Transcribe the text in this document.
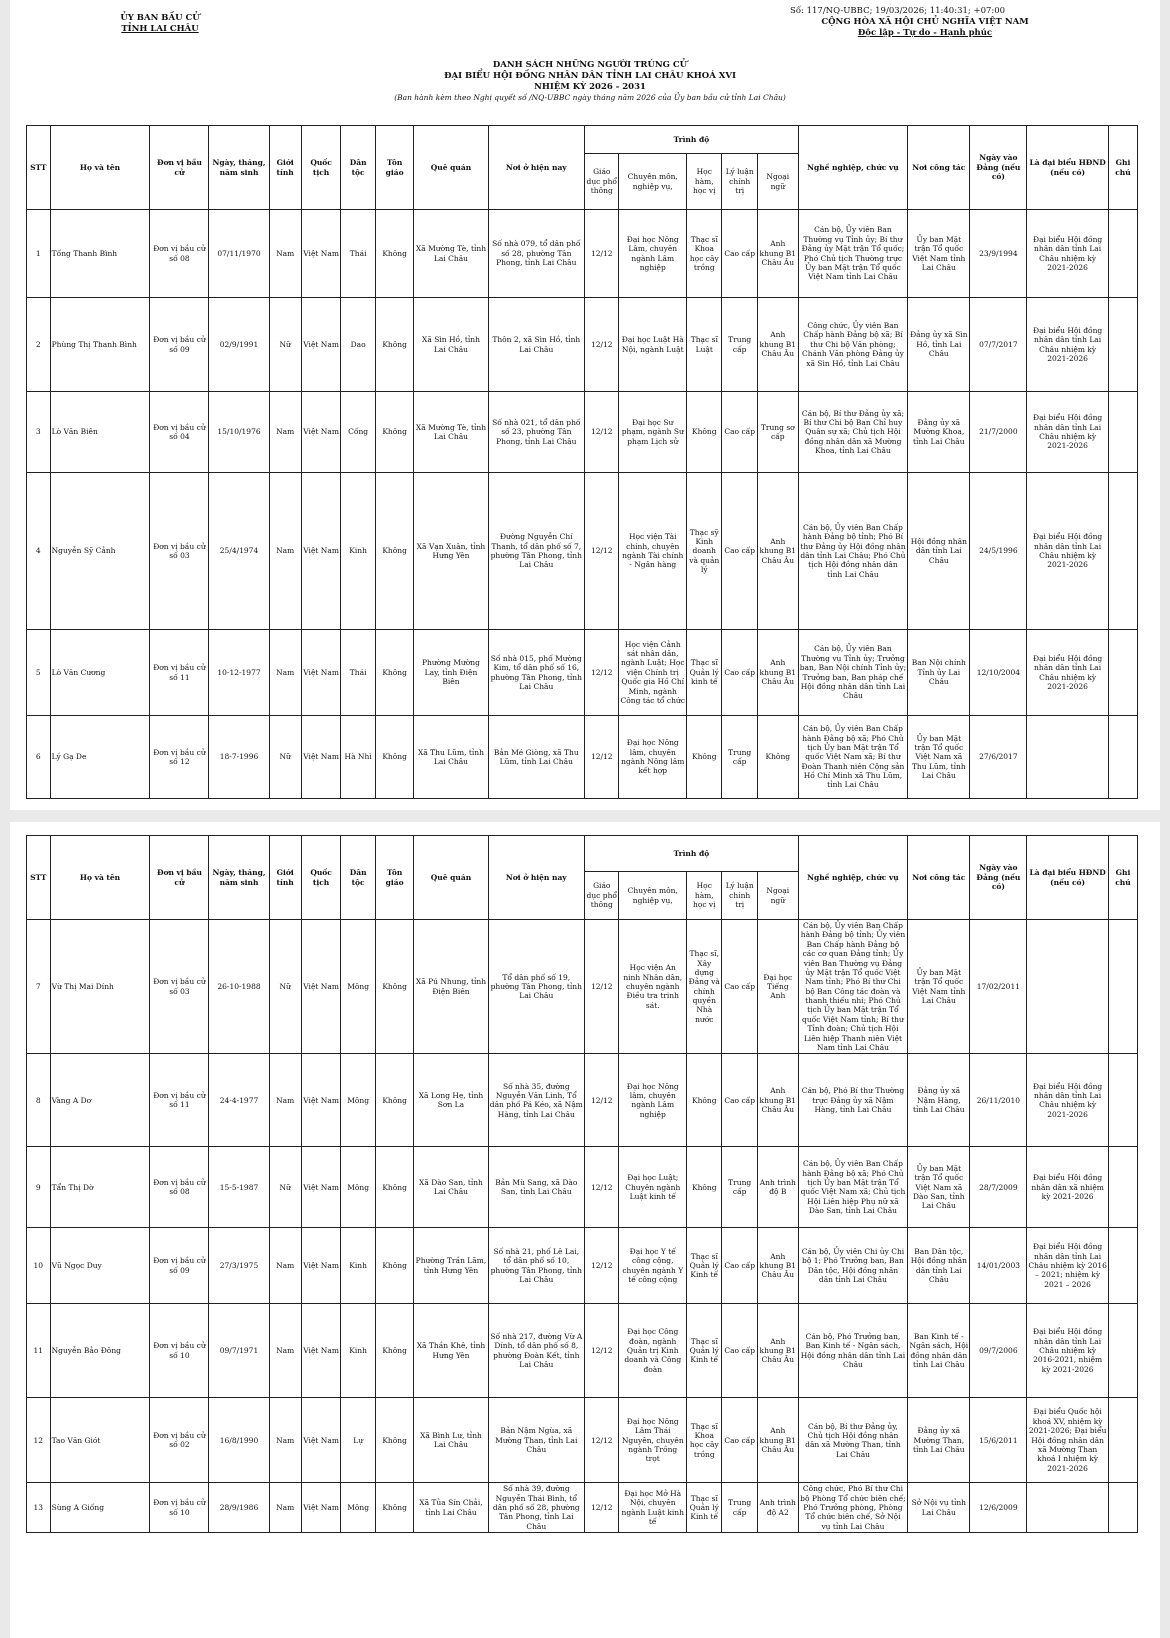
ỦY BAN BẦU CỬ
TỈNH LAI CHÂU
Số: 117/NQ-UBBC; 19/03/2026; 11:40:31; +07:00
CỘNG HÒA XÃ HỘI CHỦ NGHĨA VIỆT NAM
Độc lập - Tự do - Hạnh phúc
DANH SÁCH NHỮNG NGƯỜI TRÚNG CỬ
ĐẠI BIỂU HỘI ĐỒNG NHÂN DÂN TỈNH LAI CHÂU KHOÁ XVI
NHIỆM KỲ 2026 - 2031
(Ban hành kèm theo Nghị quyết số /NQ-UBBC ngày tháng năm 2026 của Ủy ban bầu cử tỉnh Lai Châu)
STT	Họ và tên	Đơn vị bầu cử	Ngày, tháng, năm sinh	Giới tính	Quốc tịch	Dân tộc	Tôn giáo	Quê quán	Nơi ở hiện nay	Trình độ					Nghề nghiệp, chức vụ	Nơi công tác	Ngày vào Đảng (nếu có)	Là đại biểu HĐND (nếu có)	Ghi chú
										Giáo dục phổ thông	Chuyên môn, nghiệp vụ,	Học hàm, học vị	Lý luận chính trị	Ngoại ngữ					
1	Tống Thanh Bình	Đơn vị bầu cử số 08	07/11/1970	Nam	Việt Nam	Thái	Không	Xã Mường Tè, tỉnh Lai Châu	Số nhà 079, tổ dân phố số 28, phường Tân Phong, tỉnh Lai Châu	12/12	Đại học Nông Lâm, chuyên ngành Lâm nghiệp	Thạc sĩ Khoa học cây trồng	Cao cấp	Anh khung B1 Châu Âu	Cán bộ, Ủy viên Ban Thường vụ Tỉnh ủy; Bí thư Đảng ủy Mặt trận Tổ quốc; Phó Chủ tịch Thường trực Ủy ban Mặt trận Tổ quốc Việt Nam tỉnh Lai Châu	Ủy ban Mặt trận Tổ quốc Việt Nam tỉnh Lai Châu	23/9/1994	Đại biểu Hội đồng nhân dân tỉnh Lai Châu nhiệm kỳ 2021-2026	
2	Phùng Thị Thanh Bình	Đơn vị bầu cử số 09	02/9/1991	Nữ	Việt Nam	Dao	Không	Xã Sìn Hồ, tỉnh Lai Châu	Thôn 2, xã Sìn Hồ, tỉnh Lai Châu	12/12	Đại học Luật Hà Nội, ngành Luật	Thạc sĩ Luật	Trung cấp	Anh khung B1 Châu Âu	Công chức, Ủy viên Ban Chấp hành Đảng bộ xã; Bí thư Chi bộ Văn phòng; Chánh Văn phòng Đảng ủy xã Sìn Hồ, tỉnh Lai Châu	Đảng ủy xã Sìn Hồ, tỉnh Lai Châu	07/7/2017	Đại biểu Hội đồng nhân dân tỉnh Lai Châu nhiệm kỳ 2021-2026	
3	Lò Văn Biên	Đơn vị bầu cử số 04	15/10/1976	Nam	Việt Nam	Cống	Không	Xã Mường Tè, tỉnh Lai Châu	Số nhà 021, tổ dân phố số 23, phường Tân Phong, tỉnh Lai Châu	12/12	Đại học Sư phạm, ngành Sư phạm Lịch sử	Không	Cao cấp	Trung sơ cấp	Cán bộ, Bí thư Đảng ủy xã; Bí thư Chi bộ Ban Chỉ huy Quân sự xã; Chủ tịch Hội đồng nhân dân xã Mường Khoa, tỉnh Lai Châu	Đảng ủy xã Mường Khoa, tỉnh Lai Châu	21/7/2000	Đại biểu Hội đồng nhân dân tỉnh Lai Châu nhiệm kỳ 2021-2026	
4	Nguyễn Sỹ Cảnh	Đơn vị bầu cử số 03	25/4/1974	Nam	Việt Nam	Kinh	Không	Xã Vạn Xuân, tỉnh Hưng Yên	Đường Nguyễn Chí Thanh, tổ dân phố số 7, phường Tân Phong, tỉnh Lai Châu	12/12	Học viện Tài chính, chuyên ngành Tài chính - Ngân hàng	Thạc sỹ Kinh doanh và quản lý	Cao cấp	Anh khung B1 Châu Âu	Cán bộ, Ủy viên Ban Chấp hành Đảng bộ tỉnh; Phó Bí thư Đảng ủy Hội đồng nhân dân tỉnh Lai Châu; Phó Chủ tịch Hội đồng nhân dân tỉnh Lai Châu	Hội đồng nhân dân tỉnh Lai Châu	24/5/1996	Đại biểu Hội đồng nhân dân tỉnh Lai Châu nhiệm kỳ 2021-2026	
5	Lò Văn Cương	Đơn vị bầu cử số 11	10-12-1977	Nam	Việt Nam	Thái	Không	Phường Mường Lay, tỉnh Điện Biên	Số nhà 015, phố Mường Kim, tổ dân phố số 16, phường Tân Phong, tỉnh Lai Châu	12/12	Học viện Cảnh sát nhân dân, ngành Luật; Học viện Chính trị Quốc gia Hồ Chí Minh, ngành Công tác tổ chức	Thạc sĩ Quản lý kinh tế	Cao cấp	Anh khung B1 Châu Âu	Cán bộ, Ủy viên Ban Thường vụ Tỉnh ủy; Trưởng ban, Ban Nội chính Tỉnh ủy; Trưởng ban, Ban pháp chế Hội đồng nhân dân tỉnh Lai Châu	Ban Nội chính Tỉnh ủy Lai Châu	12/10/2004	Đại biểu Hội đồng nhân dân tỉnh Lai Châu nhiệm kỳ 2021-2026	
6	Lý Gạ De	Đơn vị bầu cử số 12	18-7-1996	Nữ	Việt Nam	Hà Nhì	Không	Xã Thu Lũm, tỉnh Lai Châu	Bản Mé Giòng, xã Thu Lũm, tỉnh Lai Châu	12/12	Đại học Nông lâm, chuyên ngành Nông lâm kết hợp	Không	Trung cấp	Không	Cán bộ, Ủy viên Ban Chấp hành Đảng bộ xã; Phó Chủ tịch Ủy ban Mặt trận Tổ quốc Việt Nam xã; Bí thư Đoàn Thanh niên Cộng sản Hồ Chí Minh xã Thu Lũm, tỉnh Lai Châu	Ủy ban Mặt trận Tổ quốc Việt Nam xã Thu Lũm, tỉnh Lai Châu	27/6/2017		
STT	Họ và tên	Đơn vị bầu cử	Ngày, tháng, năm sinh	Giới tính	Quốc tịch	Dân tộc	Tôn giáo	Quê quán	Nơi ở hiện nay	Trình độ					Nghề nghiệp, chức vụ	Nơi công tác	Ngày vào Đảng (nếu có)	Là đại biểu HĐND (nếu có)	Ghi chú
										Giáo dục phổ thông	Chuyên môn, nghiệp vụ,	Học hàm, học vị	Lý luận chính trị	Ngoại ngữ					
7	Vừ Thị Mai Dính	Đơn vị bầu cử số 03	26-10-1988	Nữ	Việt Nam	Mông	Không	Xã Pú Nhung, tỉnh Điện Biên	Tổ dân phố số 19, phường Tân Phong, tỉnh Lai Châu	12/12	Học viện An ninh Nhân dân, chuyên ngành Điều tra trinh sát.	Thạc sĩ, Xây dựng Đảng và chính quyền Nhà nước	Cao cấp	Đại học Tiếng Anh	Cán bộ, Ủy viên Ban Chấp hành Đảng bộ tỉnh; Ủy viên Ban Chấp hành Đảng bộ các cơ quan Đảng tỉnh; Ủy viên Ban Thường vụ Đảng ủy Mặt trận Tổ quốc Việt Nam tỉnh; Phó Bí thư Chi bộ Ban Công tác đoàn và thanh thiếu nhi; Phó Chủ tịch Ủy ban Mặt trận Tổ quốc Việt Nam tỉnh; Bí thư Tỉnh đoàn; Chủ tịch Hội Liên hiệp Thanh niên Việt Nam tỉnh Lai Châu	Ủy ban Mặt trận Tổ quốc Việt Nam tỉnh Lai Châu	17/02/2011		
8	Vàng A Dơ	Đơn vị bầu cử số 11	24-4-1977	Nam	Việt Nam	Mông	Không	Xã Long Hẹ, tỉnh Sơn La	Số nhà 35, đường Nguyễn Văn Linh, Tổ dân phố Pá Kéo, xã Nậm Hàng, tỉnh Lai Châu	12/12	Đại học Nông lâm, chuyên ngành Lâm nghiệp	Không	Cao cấp	Anh khung B1 Châu Âu	Cán bộ, Phó Bí thư Thường trực Đảng ủy xã Nậm Hàng, tỉnh Lai Châu	Đảng ủy xã Nậm Hàng, tỉnh Lai Châu	26/11/2010	Đại biểu Hội đồng nhân dân tỉnh Lai Châu nhiệm kỳ 2021-2026	
9	Tẩn Thị Dờ	Đơn vị bầu cử số 08	15-5-1987	Nữ	Việt Nam	Mông	Không	Xã Dào San, tỉnh Lai Châu	Bản Mù Sang, xã Dào San, tỉnh Lai Châu	12/12	Đại học Luật; Chuyên ngành Luật kinh tế	Không	Trung cấp	Anh trình độ B	Cán bộ, Ủy viên Ban Chấp hành Đảng bộ xã; Phó Chủ tịch Ủy ban Mặt trận Tổ quốc Việt Nam xã; Chủ tịch Hội Liên hiệp Phụ nữ xã Dào San, tỉnh Lai Châu	Ủy ban Mặt trận Tổ quốc Việt Nam xã Dào San, tỉnh Lai Châu	28/7/2009	Đại biểu Hội đồng nhân dân xã nhiệm kỳ 2021-2026	
10	Vũ Ngọc Duy	Đơn vị bầu cử số 09	27/3/1975	Nam	Việt Nam	Kinh	Không	Phường Trần Lãm, tỉnh Hưng Yên	Số nhà 21, phố Lê Lai, tổ dân phố số 10, phường Tân Phong, tỉnh Lai Châu	12/12	Đại học Y tế công cộng, chuyên ngành Y tế công cộng	Thạc sĩ Quản lý Kinh tế	Cao cấp	Anh khung B1 Châu Âu	Cán bộ, Ủy viên Chi ủy Chi bộ 1; Phó Trưởng ban, Ban Dân tộc, Hội đồng nhân dân tỉnh Lai Châu	Ban Dân tộc, Hội đồng nhân dân tỉnh Lai Châu	14/01/2003	Đại biểu Hội đồng nhân dân tỉnh Lai Châu nhiệm kỳ 2016 – 2021; nhiệm kỳ 2021 – 2026	
11	Nguyễn Bảo Đông	Đơn vị bầu cử số 10	09/7/1971	Nam	Việt Nam	Kinh	Không	Xã Thần Khê, tỉnh Hưng Yên	Số nhà 217, đường Vừ A Dính, tổ dân phố số 8, phường Đoàn Kết, tỉnh Lai Châu	12/12	Đại học Công đoàn, ngành Quản trị Kinh doanh và Công đoàn	Thạc sĩ Quản lý Kinh tế	Cao cấp	Anh khung B1 Châu Âu	Cán bộ, Phó Trưởng ban, Ban Kinh tế - Ngân sách, Hội đồng nhân dân tỉnh Lai Châu	Ban Kinh tế - Ngân sách, Hội đồng nhân dân tỉnh Lai Châu	09/7/2006	Đại biểu Hội đồng nhân dân tỉnh Lai Châu nhiệm kỳ 2016-2021, nhiệm kỳ 2021-2026	
12	Tao Văn Giót	Đơn vị bầu cử số 02	16/8/1990	Nam	Việt Nam	Lự	Không	Xã Bình Lư, tỉnh Lai Châu	Bản Nậm Ngùa, xã Mường Than, tỉnh Lai Châu	12/12	Đại học Nông Lâm Thái Nguyên, chuyên ngành Trồng trọt	Thạc sĩ Khoa học cây trồng	Cao cấp	Anh khung B1 Châu Âu	Cán bộ, Bí thư Đảng ủy, Chủ tịch Hội đồng nhân dân xã Mường Than, tỉnh Lai Châu	Đảng ủy xã Mường Than, tỉnh Lai Châu	15/6/2011	Đại biểu Quốc hội khoá XV, nhiệm kỳ 2021-2026; Đại biểu Hội đồng nhân dân xã Mường Than khoá I nhiệm kỳ 2021-2026	
13	Sùng A Giống	Đơn vị bầu cử số 10	28/9/1986	Nam	Việt Nam	Mông	Không	Xã Tủa Sín Chải, tỉnh Lai Châu	Số nhà 39, đường Nguyễn Thái Bình, tổ dân phố số 28, phường Tân Phong, tỉnh Lai Châu	12/12	Đại học Mở Hà Nội, chuyên ngành Luật kinh tế	Thạc sĩ Quản lý Kinh tế	Trung cấp	Anh trình độ A2	Công chức, Phó Bí thư Chi bộ Phòng Tổ chức biên chế; Phó Trưởng phòng, Phòng Tổ chức biên chế, Sở Nội vụ tỉnh Lai Châu	Sở Nội vụ tỉnh Lai Châu	12/6/2009		
